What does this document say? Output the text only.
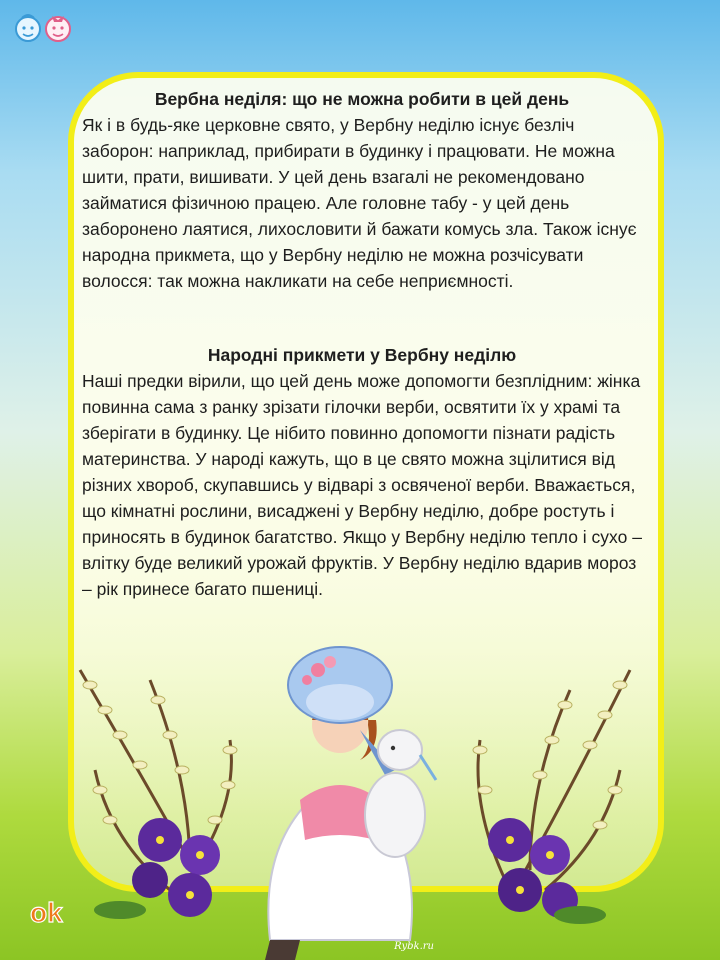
Вербна неділя: що не можна робити в цей день

Як і в будь-яке церковне свято, у Вербну неділю існує безліч заборон: наприклад, прибирати в будинку і працювати. Не можна шити, прати, вишивати. У цей день взагалі не рекомендовано займатися фізичною працею. Але головне табу - у цей день заборонено лаятися, лихословити й бажати комусь зла. Також існує народна прикмета, що у Вербну неділю не можна розчісувати волосся: так можна накликати на себе неприємності.

Народні прикмети у Вербну неділю

Наші предки вірили, що цей день може допомогти безплідним: жінка повинна сама з ранку зрізати гілочки верби, освятити їх у храмі та зберігати в будинку. Це нібито повинно допомогти пізнати радість материнства. У народі кажуть, що в це свято можна зцілитися від різних хвороб, скупавшись у відварі з освяченої верби. Вважається, що кімнатні рослини, висаджені у Вербну неділю, добре ростуть і приносять в будинок багатство. Якщо у Вербну неділю тепло і сухо – влітку буде великий урожай фруктів. У Вербну неділю вдарив мороз – рік принесе багато пшениці.

ok
Rybk.ru
